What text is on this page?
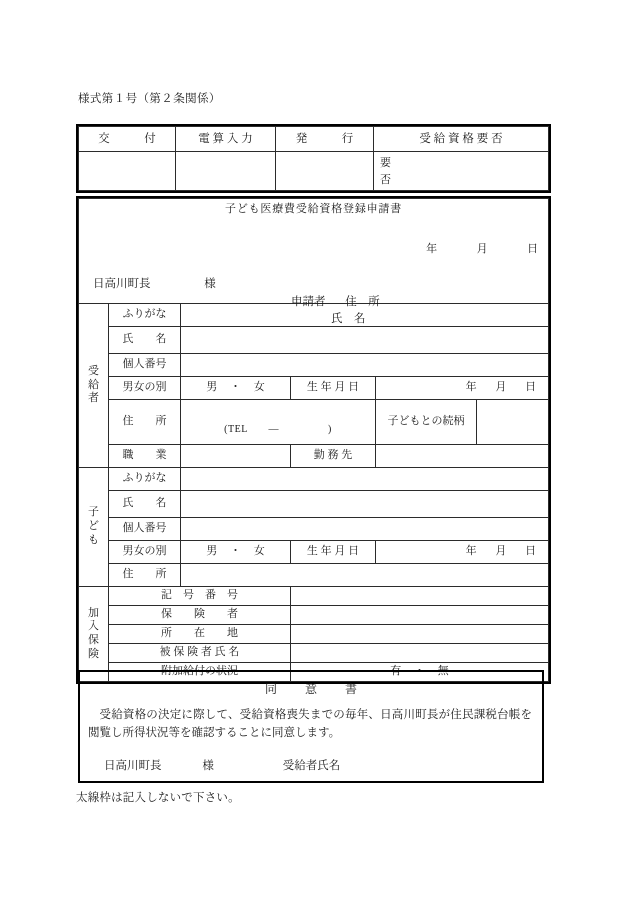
様式第１号（第２条関係）
交　　　付	電 算 入 力	発　　　行	受 給 資 格 要 否

			要
否
子ども医療費受給資格登録申請書					

年 月 日
日高川町長 様
申請者 住　所
氏　名					

受
給
者	ふりがな				
	氏　　名				
	個人番号				
	男女の別	男 ・ 女	生 年 月 日	年 月 日	

	住　　所	(TEL — )		子どもとの続柄	
	職　　業		勤 務 先		

子
ど
も	ふりがな				
	氏　　名				
	個人番号				
	男女の別	男 ・ 女	生 年 月 日	年 月 日	

	住　　所				

加
入
保
険	記　号　番　号				
	保　　険　　者				
	所　　在　　地				
	被 保 険 者 氏 名				
	附加給付の状況		有 ・ 無		
同　意　書
受給資格の決定に際して、受給資格喪失までの毎年、日高川町長が住民課税台帳を閲覧し所得状況等を確認することに同意します。
日高川町長	様	受給者氏名
太線枠は記入しないで下さい。
